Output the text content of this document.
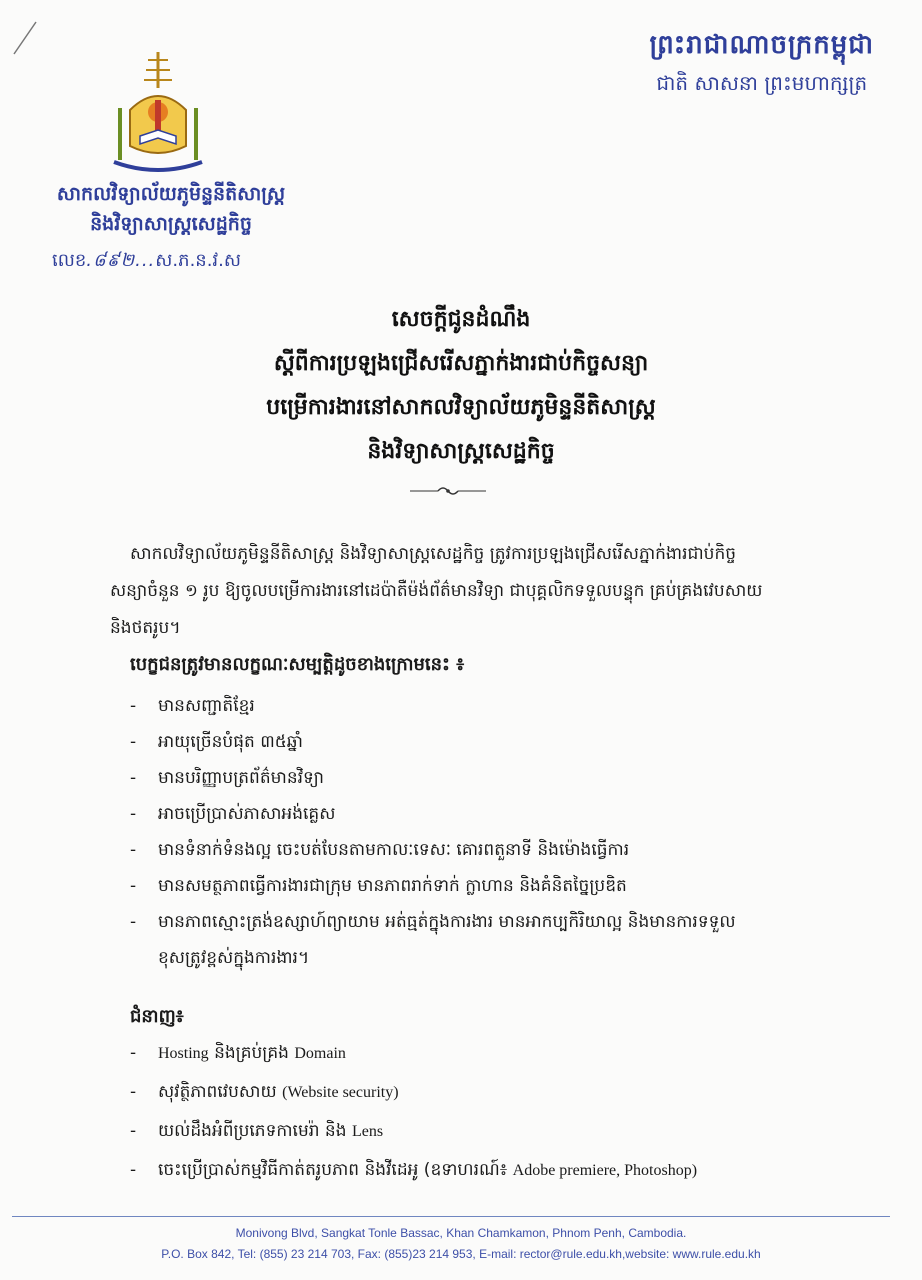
ព្រះរាជាណាចក្រកម្ពុជា
ជាតិ សាសនា ព្រះមហាក្សត្រ
សាកលវិទ្យាល័យភូមិន្ទនីតិសាស្ត្រ
និងវិទ្យាសាស្ត្រសេដ្ឋកិច្ច
លេខ.៨៩២...ស.ភ.ន.វ.ស
សេចក្តីជូនដំណឹង
ស្តីពីការប្រឡងជ្រើសរើសភ្នាក់ងារជាប់កិច្ចសន្យា
បម្រើការងារនៅសាកលវិទ្យាល័យភូមិន្ទនីតិសាស្ត្រ
និងវិទ្យាសាស្ត្រសេដ្ឋកិច្ច

សាកលវិទ្យាល័យភូមិន្ទនីតិសាស្ត្រ និងវិទ្យាសាស្ត្រសេដ្ឋកិច្ច ត្រូវការប្រឡងជ្រើសរើសភ្នាក់ងារជាប់កិច្ច

សន្យាចំនួន ១ រូប ឱ្យចូលបម្រើការងារនៅដេប៉ាតឺម៉ង់ព័ត៌មានវិទ្យា ជាបុគ្គលិកទទួលបន្ទុក គ្រប់គ្រងវេបសាយ

និងថតរូប។

បេក្ខជនត្រូវមានលក្ខណៈសម្បត្តិដូចខាងក្រោមនេះ ៖
- មានសញ្ជាតិខ្មែរ
- អាយុច្រើនបំផុត ៣៥ឆ្នាំ
- មានបរិញ្ញាបត្រព័ត៌មានវិទ្យា
- អាចប្រើប្រាស់ភាសាអង់គ្លេស
- មានទំនាក់ទំនងល្អ ចេះបត់បែនតាមកាលៈទេសៈ គោរពតួនាទី និងម៉ោងធ្វើការ
- មានសមត្ថភាពធ្វើការងារជាក្រុម មានភាពរាក់ទាក់ ក្លាហាន និងគំនិតច្នៃប្រឌិត
- មានភាពស្មោះត្រង់ឧស្សាហ៍ព្យាយាម អត់ធ្មត់ក្នុងការងារ មានអាកប្បកិរិយាល្អ និងមានការទទួល
ខុសត្រូវខ្ពស់ក្នុងការងារ។
ជំនាញ៖
- Hosting និងគ្រប់គ្រង Domain
- សុវត្ថិភាពវេបសាយ (Website security)
- យល់ដឹងអំពីប្រភេទកាមេរ៉ា និង Lens
- ចេះប្រើប្រាស់កម្មវិធីកាត់តរូបភាព និងវីដេអូ (ឧទាហរណ៍៖ Adobe premiere, Photoshop)
Monivong Blvd, Sangkat Tonle Bassac, Khan Chamkamon, Phnom Penh, Cambodia.
P.O. Box 842, Tel: (855) 23 214 703, Fax: (855)23 214 953, E-mail: rector@rule.edu.kh,website: www.rule.edu.kh
